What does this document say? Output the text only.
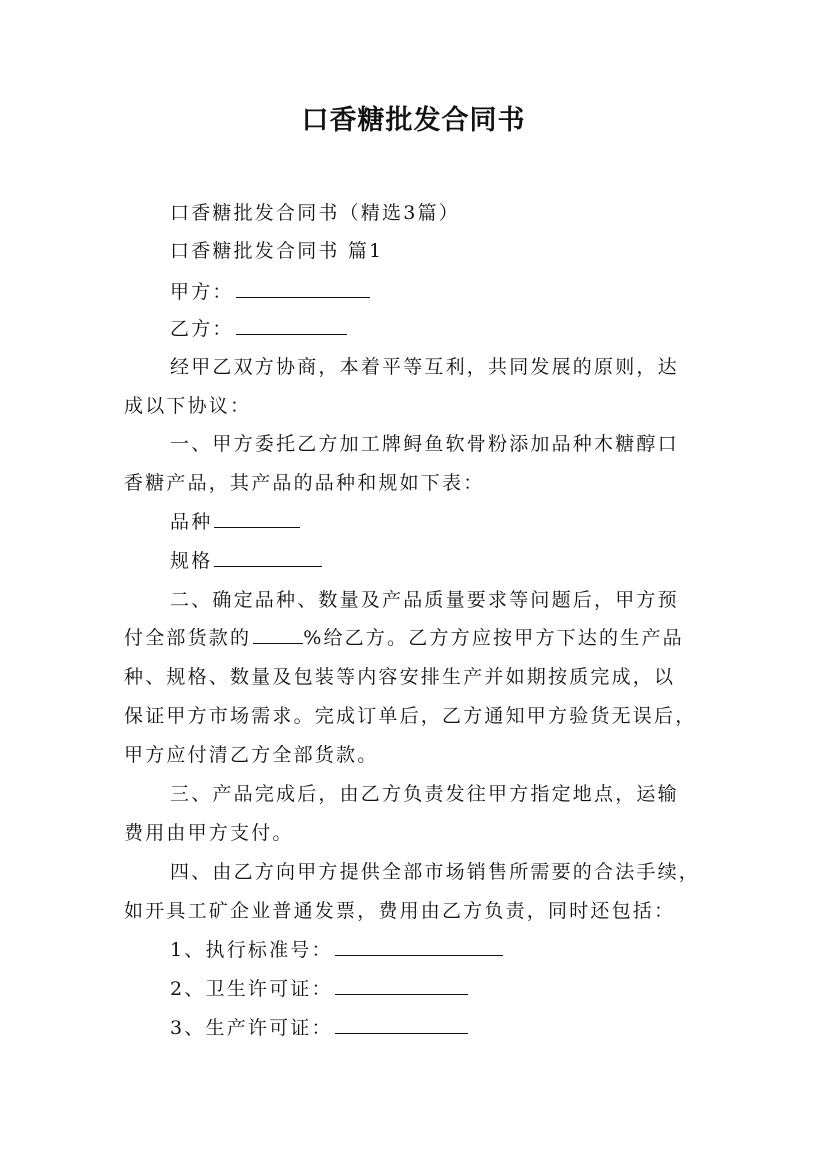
口香糖批发合同书
口香糖批发合同书（精选3篇）
口香糖批发合同书 篇1
甲方：
乙方：
经甲乙双方协商，本着平等互利，共同发展的原则，达
成以下协议：
一、甲方委托乙方加工牌鲟鱼软骨粉添加品种木糖醇口
香糖产品，其产品的品种和规如下表：
品种
规格
二、确定品种、数量及产品质量要求等问题后，甲方预
付全部货款的	%给乙方。乙方方应按甲方下达的生产品
种、规格、数量及包装等内容安排生产并如期按质完成，以
保证甲方市场需求。完成订单后，乙方通知甲方验货无误后，
甲方应付清乙方全部货款。
三、产品完成后，由乙方负责发往甲方指定地点，运输
费用由甲方支付。
四、由乙方向甲方提供全部市场销售所需要的合法手续，
如开具工矿企业普通发票，费用由乙方负责，同时还包括：
1、执行标准号：
2、卫生许可证：
3、生产许可证：
